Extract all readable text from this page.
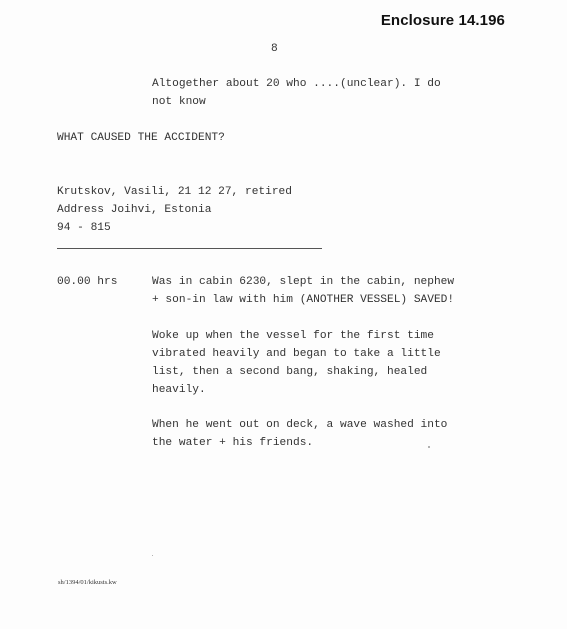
Enclosure 14.196
8
Altogether about 20 who ....(unclear). I do
not know
WHAT CAUSED THE ACCIDENT?
Krutskov, Vasili, 21 12 27, retired
Address Joihvi, Estonia
94 - 815
00.00 hrs	Was in cabin 6230, slept in the cabin, nephew
+ son-in law with him (ANOTHER VESSEL) SAVED!
Woke up when the vessel for the first time
vibrated heavily and began to take a little
list, then a second bang, shaking, healed
heavily.
When he went out on deck, a wave washed into
the water + his friends.
sh/1394/01/kikusts.kw
